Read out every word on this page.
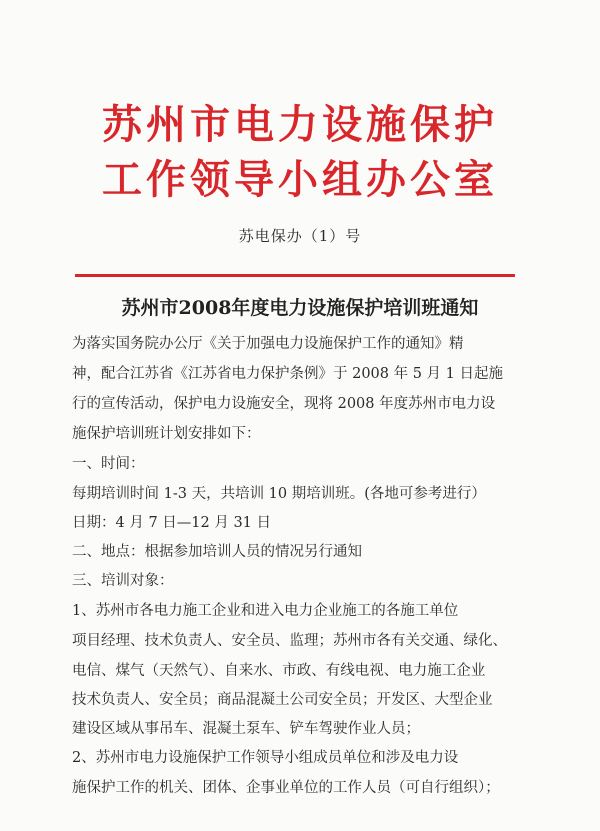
苏州市电力设施保护
工作领导小组办公室
苏电保办（1）号
苏州市2008年度电力设施保护培训班通知

为落实国务院办公厅《关于加强电力设施保护工作的通知》精

神，配合江苏省《江苏省电力保护条例》于 2008 年 5 月 1 日起施

行的宣传活动，保护电力设施安全，现将 2008 年度苏州市电力设

施保护培训班计划安排如下：

一、时间：

每期培训时间 1-3 天，共培训 10 期培训班。(各地可参考进行）

日期：4 月 7 日—12 月 31 日

二、地点：根据参加培训人员的情况另行通知

三、培训对象：

1、苏州市各电力施工企业和进入电力企业施工的各施工单位

项目经理、技术负责人、安全员、监理；苏州市各有关交通、绿化、

电信、煤气（天然气）、自来水、市政、有线电视、电力施工企业

技术负责人、安全员；商品混凝土公司安全员；开发区、大型企业

建设区域从事吊车、混凝土泵车、铲车驾驶作业人员；

2、苏州市电力设施保护工作领导小组成员单位和涉及电力设

施保护工作的机关、团体、企事业单位的工作人员（可自行组织）；
